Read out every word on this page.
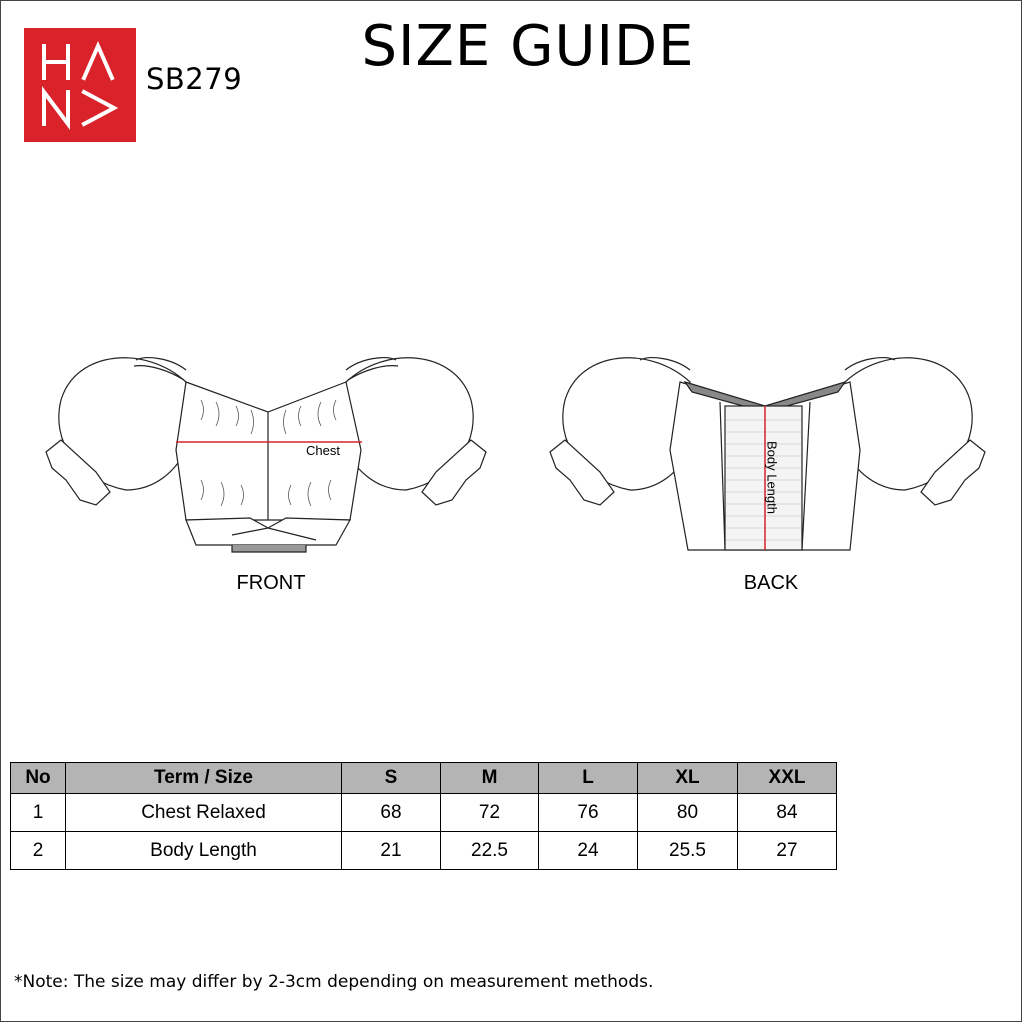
SB279	SIZE GUIDE
Chest
FRONT
Body Length
BACK
No	Term / Size	S	M	L	XL	XXL
1	Chest Relaxed	68	72	76	80	84
2	Body Length	21	22.5	24	25.5	27
*Note: The size may differ by 2-3cm depending on measurement methods.
